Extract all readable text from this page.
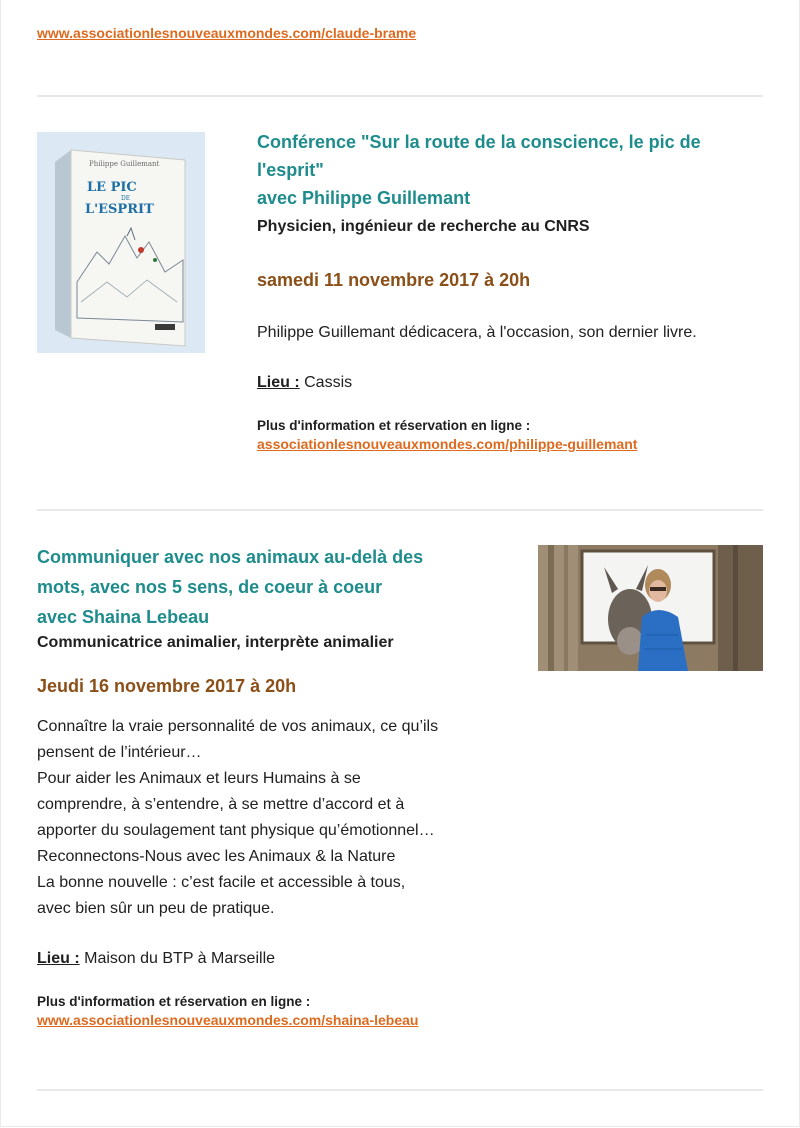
www.associationlesnouveauxmondes.com/claude-brame
Philippe Guillemant
LE PIC
DE
L'ESPRIT

Conférence "Sur la route de la conscience, le pic de

l'esprit"

avec Philippe Guillemant

Physicien, ingénieur de recherche au CNRS

samedi 11 novembre 2017 à 20h

Philippe Guillemant dédicacera, à l'occasion, son dernier livre.

Lieu : Cassis

Plus d'information et réservation en ligne :
associationlesnouveauxmondes.com/philippe-guillemant

Communiquer avec nos animaux au-delà des

mots, avec nos 5 sens, de coeur à coeur

avec Shaina Lebeau

Communicatrice animalier, interprète animalier

Jeudi 16 novembre 2017 à 20h

Connaître la vraie personnalité de vos animaux, ce qu’ils

pensent de l’intérieur…

Pour aider les Animaux et leurs Humains à se

comprendre, à s’entendre, à se mettre d’accord et à

apporter du soulagement tant physique qu’émotionnel…

Reconnectons-Nous avec les Animaux & la Nature

La bonne nouvelle : c’est facile et accessible à tous,

avec bien sûr un peu de pratique.

Lieu : Maison du BTP à Marseille

Plus d'information et réservation en ligne :
www.associationlesnouveauxmondes.com/shaina-lebeau
